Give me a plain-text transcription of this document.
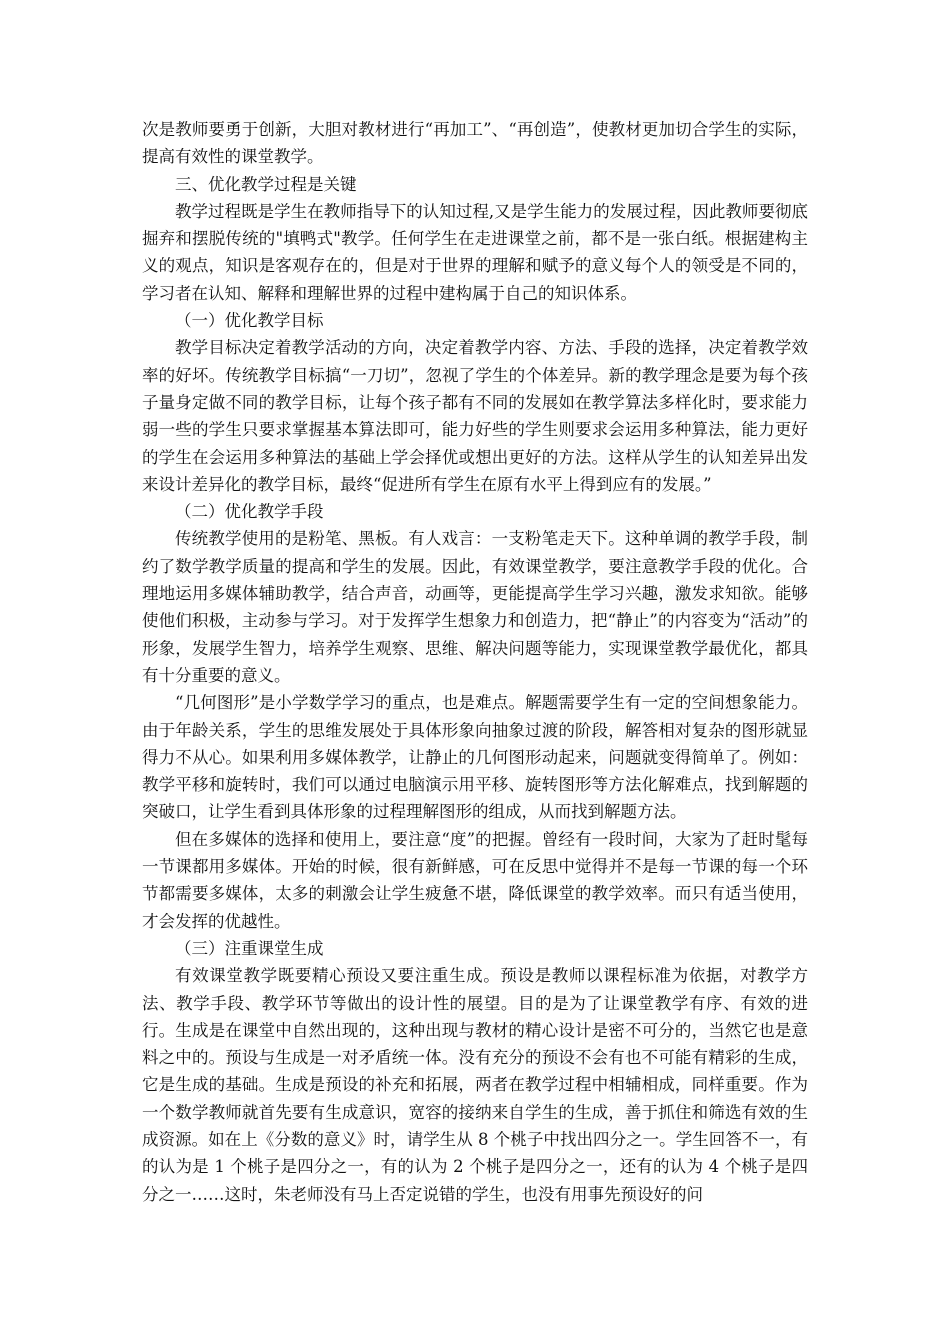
次是教师要勇于创新，大胆对教材进行“再加工”、“再创造”，使教材更加切合学生的实际，提高有效性的课堂教学。

三、优化教学过程是关键

教学过程既是学生在教师指导下的认知过程,又是学生能力的发展过程，因此教师要彻底掘弃和摆脱传统的"填鸭式"教学。任何学生在走进课堂之前，都不是一张白纸。根据建构主义的观点，知识是客观存在的，但是对于世界的理解和赋予的意义每个人的领受是不同的，学习者在认知、解释和理解世界的过程中建构属于自己的知识体系。

（一）优化教学目标

教学目标决定着教学活动的方向，决定着教学内容、方法、手段的选择，决定着教学效率的好坏。传统教学目标搞“一刀切”，忽视了学生的个体差异。新的教学理念是要为每个孩子量身定做不同的教学目标，让每个孩子都有不同的发展如在教学算法多样化时，要求能力弱一些的学生只要求掌握基本算法即可，能力好些的学生则要求会运用多种算法，能力更好的学生在会运用多种算法的基础上学会择优或想出更好的方法。这样从学生的认知差异出发来设计差异化的教学目标，最终“促进所有学生在原有水平上得到应有的发展。”

（二）优化教学手段

传统教学使用的是粉笔、黑板。有人戏言：一支粉笔走天下。这种单调的教学手段，制约了数学教学质量的提高和学生的发展。因此，有效课堂教学，要注意教学手段的优化。合理地运用多媒体辅助教学，结合声音，动画等，更能提高学生学习兴趣，激发求知欲。能够使他们积极，主动参与学习。对于发挥学生想象力和创造力，把“静止”的内容变为“活动”的形象，发展学生智力，培养学生观察、思维、解决问题等能力，实现课堂教学最优化，都具有十分重要的意义。

“几何图形”是小学数学学习的重点，也是难点。解题需要学生有一定的空间想象能力。由于年龄关系，学生的思维发展处于具体形象向抽象过渡的阶段，解答相对复杂的图形就显得力不从心。如果利用多媒体教学，让静止的几何图形动起来，问题就变得简单了。例如：教学平移和旋转时，我们可以通过电脑演示用平移、旋转图形等方法化解难点，找到解题的突破口，让学生看到具体形象的过程理解图形的组成，从而找到解题方法。

但在多媒体的选择和使用上，要注意“度”的把握。曾经有一段时间，大家为了赶时髦每一节课都用多媒体。开始的时候，很有新鲜感，可在反思中觉得并不是每一节课的每一个环节都需要多媒体，太多的刺激会让学生疲惫不堪，降低课堂的教学效率。而只有适当使用，才会发挥的优越性。

（三）注重课堂生成

有效课堂教学既要精心预设又要注重生成。预设是教师以课程标准为依据，对教学方法、教学手段、教学环节等做出的设计性的展望。目的是为了让课堂教学有序、有效的进行。生成是在课堂中自然出现的，这种出现与教材的精心设计是密不可分的，当然它也是意料之中的。预设与生成是一对矛盾统一体。没有充分的预设不会有也不可能有精彩的生成，它是生成的基础。生成是预设的补充和拓展，两者在教学过程中相辅相成，同样重要。作为一个数学教师就首先要有生成意识，宽容的接纳来自学生的生成，善于抓住和筛选有效的生成资源。如在上《分数的意义》时，请学生从 8 个桃子中找出四分之一。学生回答不一，有的认为是 1 个桃子是四分之一，有的认为 2 个桃子是四分之一，还有的认为 4 个桃子是四分之一……这时，朱老师没有马上否定说错的学生，也没有用事先预设好的问
